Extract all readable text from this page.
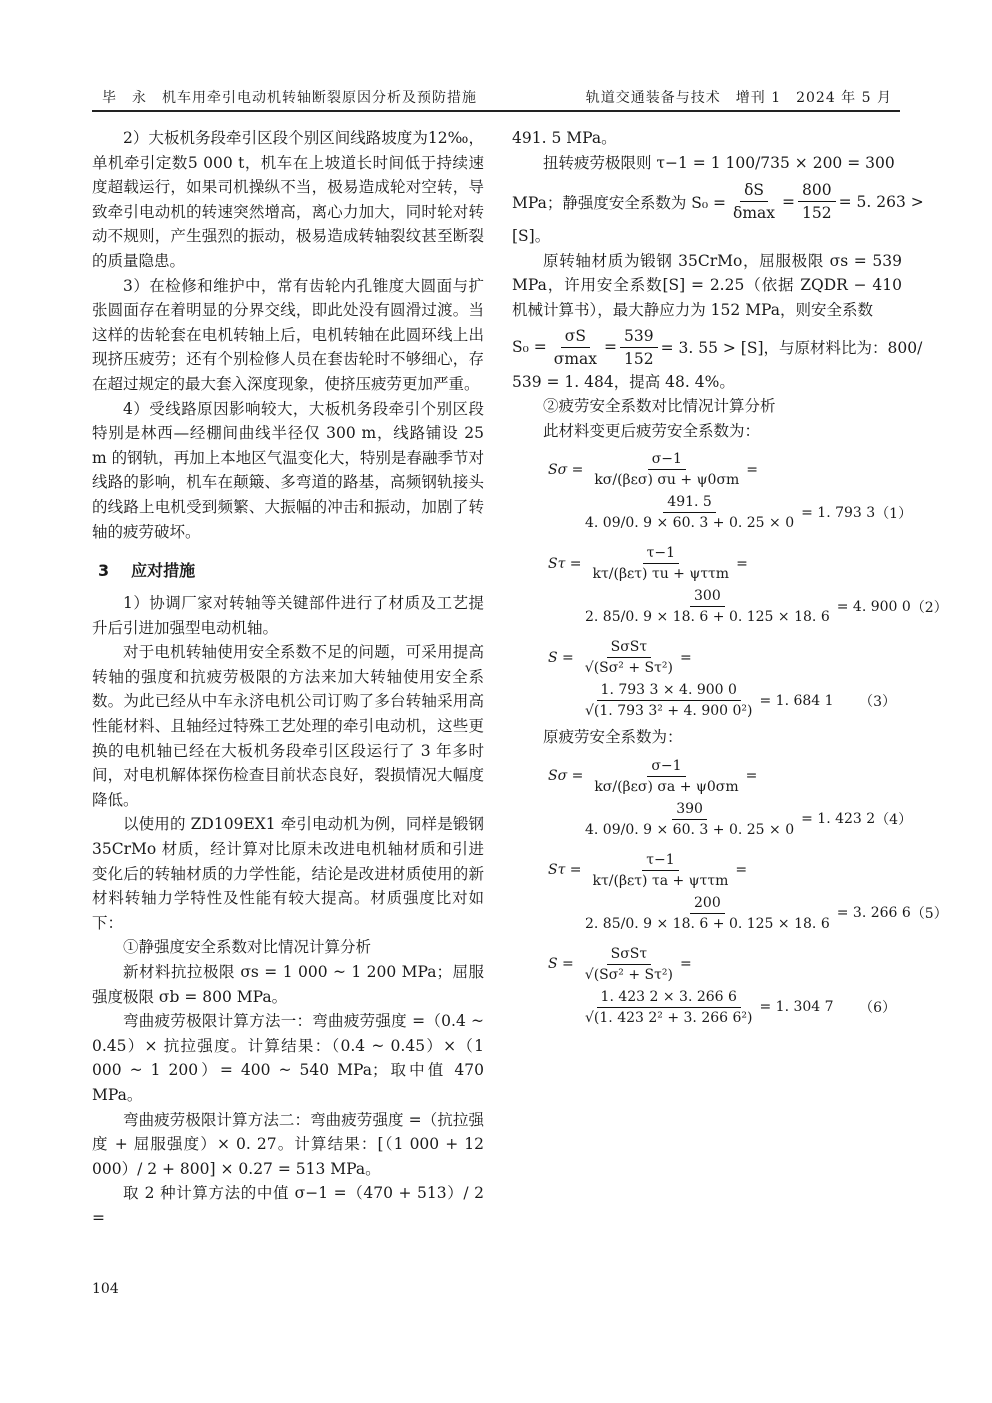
毕　永　机车用牵引电动机转轴断裂原因分析及预防措施	轨道交通装备与技术　增刊 1　2024 年 5 月

2）大板机务段牵引区段个别区间线路坡度为12‰，单机牵引定数5 000 t，机车在上坡道长时间低于持续速度超载运行，如果司机操纵不当，极易造成轮对空转，导致牵引电动机的转速突然增高，离心力加大，同时轮对转动不规则，产生强烈的振动，极易造成转轴裂纹甚至断裂的质量隐患。

3）在检修和维护中，常有齿轮内孔锥度大圆面与扩张圆面存在着明显的分界交线，即此处没有圆滑过渡。当这样的齿轮套在电机转轴上后，电机转轴在此圆环线上出现挤压疲劳；还有个别检修人员在套齿轮时不够细心，存在超过规定的最大套入深度现象，使挤压疲劳更加严重。

4）受线路原因影响较大，大板机务段牵引个别区段特别是林西—经棚间曲线半径仅 300 m，线路铺设 25 m 的钢轨，再加上本地区气温变化大，特别是春融季节对线路的影响，机车在颠簸、多弯道的路基，高频钢轨接头的线路上电机受到频繁、大振幅的冲击和振动，加剧了转轴的疲劳破坏。

3 应对措施

1）协调厂家对转轴等关键部件进行了材质及工艺提升后引进加强型电动机轴。

对于电机转轴使用安全系数不足的问题，可采用提高转轴的强度和抗疲劳极限的方法来加大转轴使用安全系数。为此已经从中车永济电机公司订购了多台转轴采用高性能材料、且轴经过特殊工艺处理的牵引电动机，这些更换的电机轴已经在大板机务段牵引区段运行了 3 年多时间，对电机解体探伤检查目前状态良好，裂损情况大幅度降低。

以使用的 ZD109EX1 牵引电动机为例，同样是锻钢 35CrMo 材质，经计算对比原未改进电机轴材质和引进变化后的转轴材质的力学性能，结论是改进材质使用的新材料转轴力学特性及性能有较大提高。材质强度比对如下：

①静强度安全系数对比情况计算分析

新材料抗拉极限 σs = 1 000 ~ 1 200 MPa；屈服强度极限 σb = 800 MPa。

弯曲疲劳极限计算方法一：弯曲疲劳强度 =（0.4 ~ 0.45）× 抗拉强度。计算结果：（0.4 ~ 0.45）×（1 000 ~ 1 200）= 400 ~ 540 MPa；取中值 470 MPa。

弯曲疲劳极限计算方法二：弯曲疲劳强度 =（抗拉强度 + 屈服强度）× 0. 27。计算结果：[（1 000 + 12 000）/ 2 + 800] × 0.27 = 513 MPa。

取 2 种计算方法的中值 σ−1 =（470 + 513）/ 2 =

491. 5 MPa。

扭转疲劳极限则 τ−1 = 1 100/735 × 200 = 300

MPa；静强度安全系数为 $S_0 = \frac{\delta S}{\delta\max} = \frac{800}{152} = 5$. 263 >

[S]。

原转轴材质为锻钢 35CrMo，屈服极限 σs = 539 MPa，许用安全系数[S] = 2.25（依据 ZQDR − 410 机械计算书），最大静应力为 152 MPa，则安全系数

$S_0 = \frac{\sigma S}{\sigma\max} = \frac{539}{152} = 3$. 55 > [S]，与原材料比为：800/

539 = 1. 484，提高 48. 4%。

②疲劳安全系数对比情况计算分析

此材料变更后疲劳安全系数为：

$S\sigma = \frac{\sigma-1}{\text{kσ/(βεσ) σu + ψ0σm}}$ =
$\frac{491. 5}{4. 09/0. 9 \times 60. 3 + 0. 25 \times 0} = 1$. 793 3 （1）
$S\tau = \frac{\tau-1}{\text{kτ/(βετ) τu + ψττm}}$ =
$\frac{300}{2. 85/0. 9 \times 18. 6 + 0. 125 \times 18. 6} = 4$. 900 0 （2）
$S = \frac{\text{SσSτ}}{\text{√(Sσ² + Sτ²)}}$ =
$\frac{1. 793 3 \times 4. 900 0}{\text{√(1. 793 3² + 4. 900 0²)}} = 1$. 684 1 （3）

原疲劳安全系数为：

$S\sigma = \frac{\sigma-1}{\text{kσ/(βεσ) σa + ψ0σm}}$ =
$\frac{390}{4. 09/0. 9 \times 60. 3 + 0. 25 \times 0} = 1$. 423 2 （4）
$S\tau = \frac{\tau-1}{\text{kτ/(βετ) τa + ψττm}}$ =
$\frac{200}{2. 85/0. 9 \times 18. 6 + 0. 125 \times 18. 6} = 3$. 266 6 （5）
$S = \frac{\text{SσSτ}}{\text{√(Sσ² + Sτ²)}}$ =
$\frac{1. 423 2 \times 3. 266 6}{\text{√(1. 423 2² + 3. 266 6²)}} = 1$. 304 7 （6）
104
